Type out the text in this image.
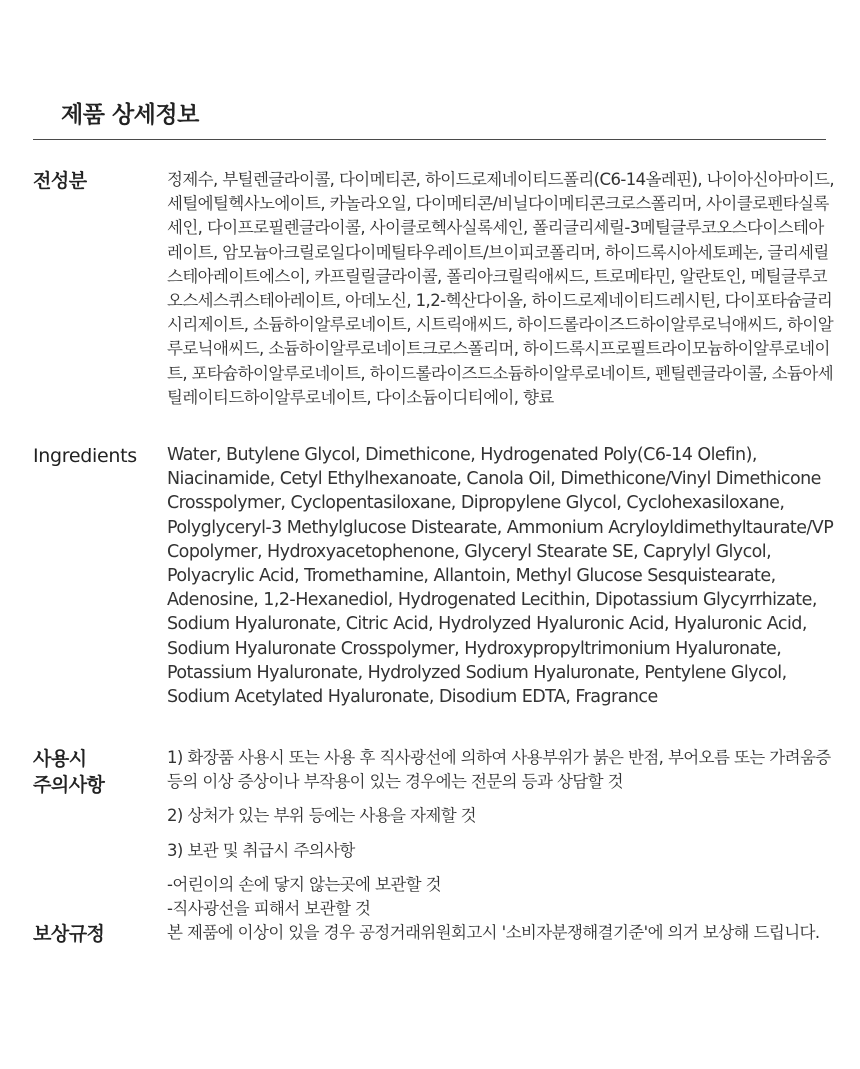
제품 상세정보
전성분	정제수, 부틸렌글라이콜, 다이메티콘, 하이드로제네이티드폴리(C6-14올레핀), 나이아신아마이드, 세틸에틸헥사노에이트, 카놀라오일, 다이메티콘/비닐다이메티콘크로스폴리머, 사이클로펜타실록세인, 다이프로필렌글라이콜, 사이클로헥사실록세인, 폴리글리세릴-3메틸글루코오스다이스테아레이트, 암모늄아크릴로일다이메틸타우레이트/브이피코폴리머, 하이드록시아세토페논, 글리세릴스테아레이트에스이, 카프릴릴글라이콜, 폴리아크릴릭애씨드, 트로메타민, 알란토인, 메틸글루코오스세스퀴스테아레이트, 아데노신, 1,2-헥산다이올, 하이드로제네이티드레시틴, 다이포타슘글리시리제이트, 소듐하이알루로네이트, 시트릭애씨드, 하이드롤라이즈드하이알루로닉애씨드, 하이알루로닉애씨드, 소듐하이알루로네이트크로스폴리머, 하이드록시프로필트라이모늄하이알루로네이트, 포타슘하이알루로네이트, 하이드롤라이즈드소듐하이알루로네이트, 펜틸렌글라이콜, 소듐아세틸레이티드하이알루로네이트, 다이소듐이디티에이, 향료
Ingredients	Water, Butylene Glycol, Dimethicone, Hydrogenated Poly(C6-14 Olefin), Niacinamide, Cetyl Ethylhexanoate, Canola Oil, Dimethicone/Vinyl Dimethicone Crosspolymer, Cyclopentasiloxane, Dipropylene Glycol, Cyclohexasiloxane, Polyglyceryl-3 Methylglucose Distearate, Ammonium Acryloyldimethyltaurate/VP Copolymer, Hydroxyacetophenone, Glyceryl Stearate SE, Caprylyl Glycol, Polyacrylic Acid, Tromethamine, Allantoin, Methyl Glucose Sesquistearate, Adenosine, 1,2-Hexanediol, Hydrogenated Lecithin, Dipotassium Glycyrrhizate, Sodium Hyaluronate, Citric Acid, Hydrolyzed Hyaluronic Acid, Hyaluronic Acid, Sodium Hyaluronate Crosspolymer, Hydroxypropyltrimonium Hyaluronate, Potassium Hyaluronate, Hydrolyzed Sodium Hyaluronate, Pentylene Glycol, Sodium Acetylated Hyaluronate, Disodium EDTA, Fragrance
사용시
주의사항

1) 화장품 사용시 또는 사용 후 직사광선에 의하여 사용부위가 붉은 반점, 부어오름 또는 가려움증 등의 이상 증상이나 부작용이 있는 경우에는 전문의 등과 상담할 것

2) 상처가 있는 부위 등에는 사용을 자제할 것

3) 보관 및 취급시 주의사항

-어린이의 손에 닿지 않는곳에 보관할 것

-직사광선을 피해서 보관할 것

보상규정	본 제품에 이상이 있을 경우 공정거래위원회고시 '소비자분쟁해결기준'에 의거 보상해 드립니다.
